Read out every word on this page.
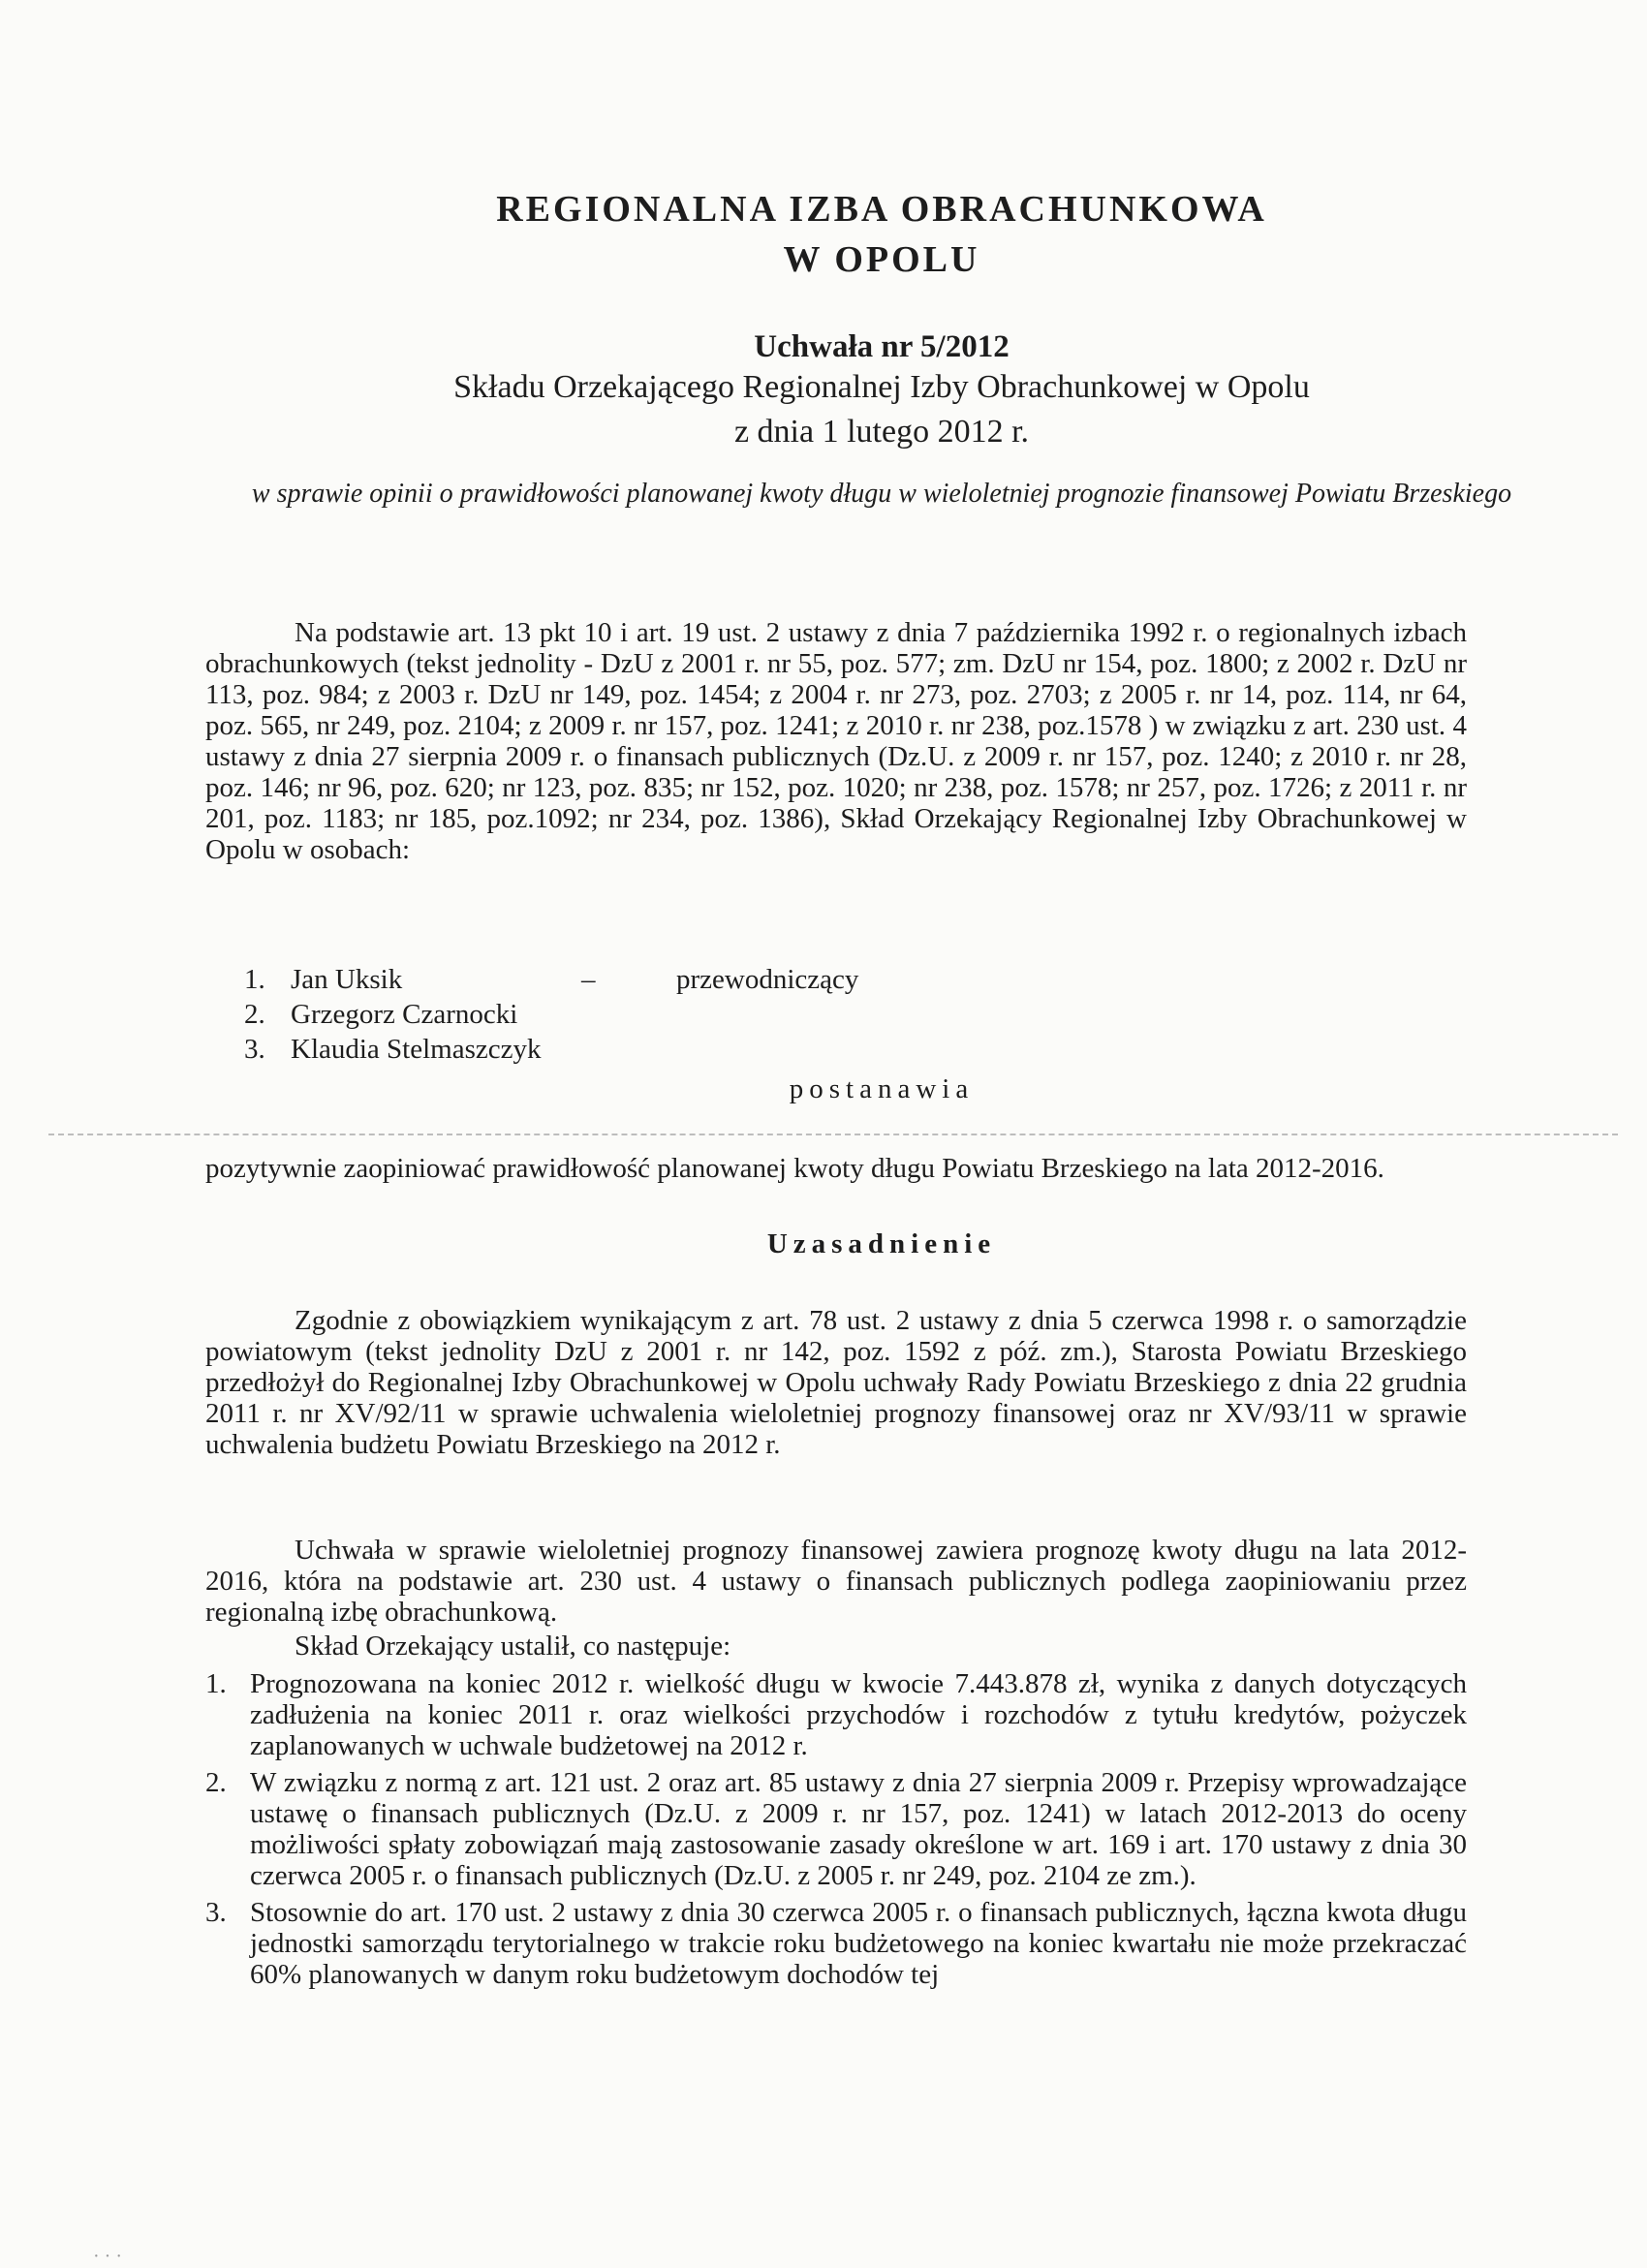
· · ·
REGIONALNA IZBA OBRACHUNKOWA
W OPOLU
Uchwała nr 5/2012
Składu Orzekającego Regionalnej Izby Obrachunkowej w Opolu
z dnia 1 lutego 2012 r.
w sprawie opinii o prawidłowości planowanej kwoty długu w wieloletniej prognozie finansowej Powiatu Brzeskiego
Na podstawie art. 13 pkt 10 i art. 19 ust. 2 ustawy z dnia 7 października 1992 r. o regionalnych izbach obrachunkowych (tekst jednolity - DzU z 2001 r. nr 55, poz. 577; zm. DzU nr 154, poz. 1800; z 2002 r. DzU nr 113, poz. 984; z 2003 r. DzU nr 149, poz. 1454; z 2004 r. nr 273, poz. 2703; z 2005 r. nr 14, poz. 114, nr 64, poz. 565, nr 249, poz. 2104; z 2009 r. nr 157, poz. 1241; z 2010 r. nr 238, poz.1578 ) w związku z art. 230 ust. 4 ustawy z dnia 27 sierpnia 2009 r. o finansach publicznych (Dz.U. z 2009 r. nr 157, poz. 1240; z 2010 r. nr 28, poz. 146; nr 96, poz. 620; nr 123, poz. 835; nr 152, poz. 1020; nr 238, poz. 1578; nr 257, poz. 1726; z 2011 r. nr 201, poz. 1183; nr 185, poz.1092; nr 234, poz. 1386), Skład Orzekający Regionalnej Izby Obrachunkowej w Opolu w osobach:
1. Jan Uksik	–	przewodniczący
2. Grzegorz Czarnocki
3. Klaudia Stelmaszczyk
postanawia
pozytywnie zaopiniować prawidłowość planowanej kwoty długu Powiatu Brzeskiego na lata 2012-2016.
Uzasadnienie
Zgodnie z obowiązkiem wynikającym z art. 78 ust. 2 ustawy z dnia 5 czerwca 1998 r. o samorządzie powiatowym (tekst jednolity DzU z 2001 r. nr 142, poz. 1592 z póź. zm.), Starosta Powiatu Brzeskiego przedłożył do Regionalnej Izby Obrachunkowej w Opolu uchwały Rady Powiatu Brzeskiego z dnia 22 grudnia 2011 r. nr XV/92/11 w sprawie uchwalenia wieloletniej prognozy finansowej oraz nr XV/93/11 w sprawie uchwalenia budżetu Powiatu Brzeskiego na 2012 r.
Uchwała w sprawie wieloletniej prognozy finansowej zawiera prognozę kwoty długu na lata 2012-2016, która na podstawie art. 230 ust. 4 ustawy o finansach publicznych podlega zaopiniowaniu przez regionalną izbę obrachunkową.
Skład Orzekający ustalił, co następuje:
1. Prognozowana na koniec 2012 r. wielkość długu w kwocie 7.443.878 zł, wynika z danych dotyczących zadłużenia na koniec 2011 r. oraz wielkości przychodów i rozchodów z tytułu kredytów, pożyczek zaplanowanych w uchwale budżetowej na 2012 r.
2. W związku z normą z art. 121 ust. 2 oraz art. 85 ustawy z dnia 27 sierpnia 2009 r. Przepisy wprowadzające ustawę o finansach publicznych (Dz.U. z 2009 r. nr 157, poz. 1241) w latach 2012-2013 do oceny możliwości spłaty zobowiązań mają zastosowanie zasady określone w art. 169 i art. 170 ustawy z dnia 30 czerwca 2005 r. o finansach publicznych (Dz.U. z 2005 r. nr 249, poz. 2104 ze zm.).
3. Stosownie do art. 170 ust. 2 ustawy z dnia 30 czerwca 2005 r. o finansach publicznych, łączna kwota długu jednostki samorządu terytorialnego w trakcie roku budżetowego na koniec kwartału nie może przekraczać 60% planowanych w danym roku budżetowym dochodów tej
